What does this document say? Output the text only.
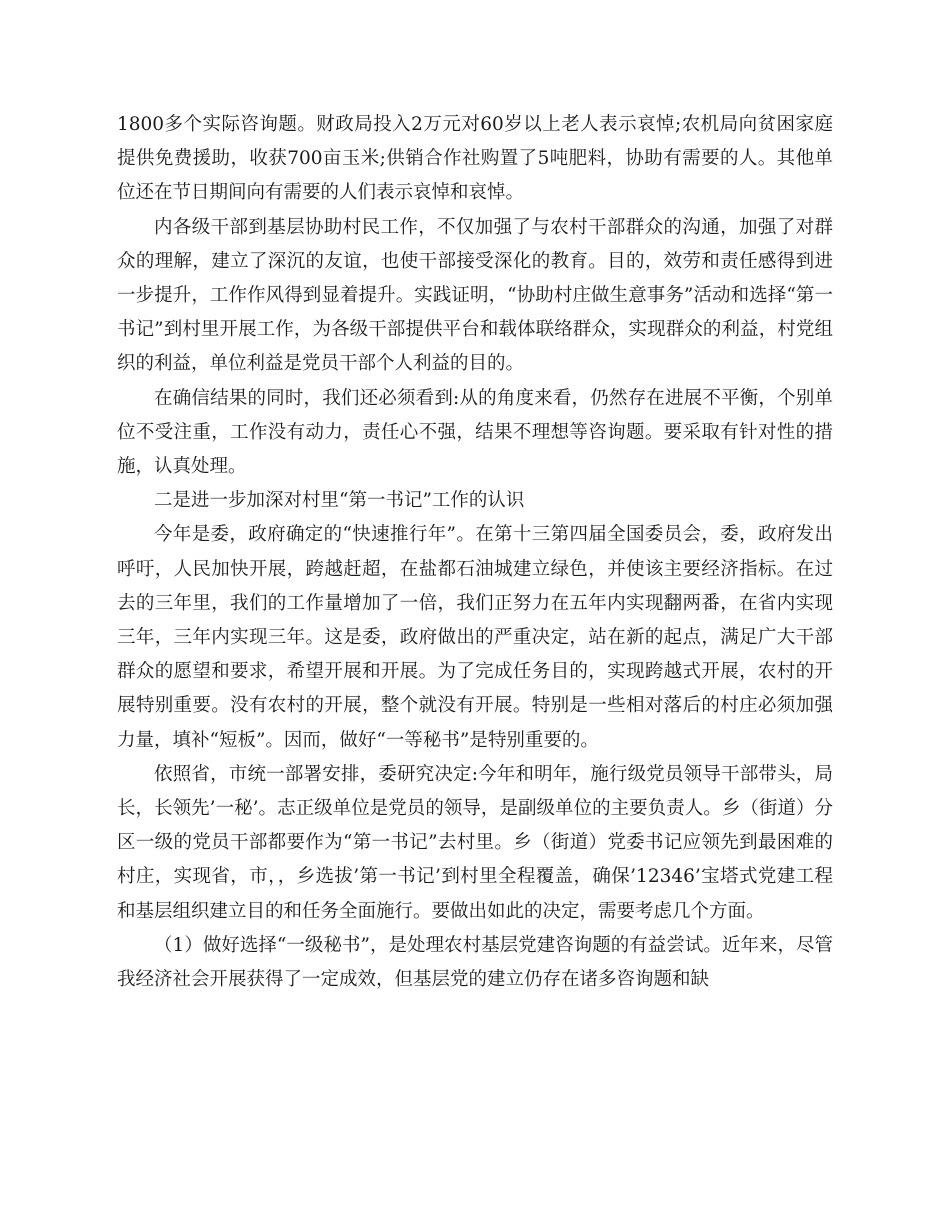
1800多个实际咨询题。财政局投入2万元对60岁以上老人表示哀悼;农机局向贫困家庭提供免费援助，收获700亩玉米;供销合作社购置了5吨肥料，协助有需要的人。其他单位还在节日期间向有需要的人们表示哀悼和哀悼。

内各级干部到基层协助村民工作，不仅加强了与农村干部群众的沟通，加强了对群众的理解，建立了深沉的友谊，也使干部接受深化的教育。目的，效劳和责任感得到进一步提升，工作作风得到显着提升。实践证明，“协助村庄做生意事务”活动和选择“第一书记”到村里开展工作，为各级干部提供平台和载体联络群众，实现群众的利益，村党组织的利益，单位利益是党员干部个人利益的目的。

在确信结果的同时，我们还必须看到:从的角度来看，仍然存在进展不平衡，个别单位不受注重，工作没有动力，责任心不强，结果不理想等咨询题。要采取有针对性的措施，认真处理。

二是进一步加深对村里“第一书记”工作的认识

今年是委，政府确定的“快速推行年”。在第十三第四届全国委员会，委，政府发出呼吁，人民加快开展，跨越赶超，在盐都石油城建立绿色，并使该主要经济指标。在过去的三年里，我们的工作量增加了一倍，我们正努力在五年内实现翻两番，在省内实现三年，三年内实现三年。这是委，政府做出的严重决定，站在新的起点，满足广大干部群众的愿望和要求，希望开展和开展。为了完成任务目的，实现跨越式开展，农村的开展特别重要。没有农村的开展，整个就没有开展。特别是一些相对落后的村庄必须加强力量，填补“短板”。因而，做好“一等秘书”是特别重要的。

依照省，市统一部署安排，委研究决定:今年和明年，施行级党员领导干部带头，局长，长领先’一秘’。志正级单位是党员的领导，是副级单位的主要负责人。乡（街道）分区一级的党员干部都要作为“第一书记”去村里。乡（街道）党委书记应领先到最困难的村庄，实现省，市，，乡选拔’第一书记’到村里全程覆盖，确保’12346’宝塔式党建工程和基层组织建立目的和任务全面施行。要做出如此的决定，需要考虑几个方面。

（1）做好选择“一级秘书”，是处理农村基层党建咨询题的有益尝试。近年来，尽管我经济社会开展获得了一定成效，但基层党的建立仍存在诸多咨询题和缺
